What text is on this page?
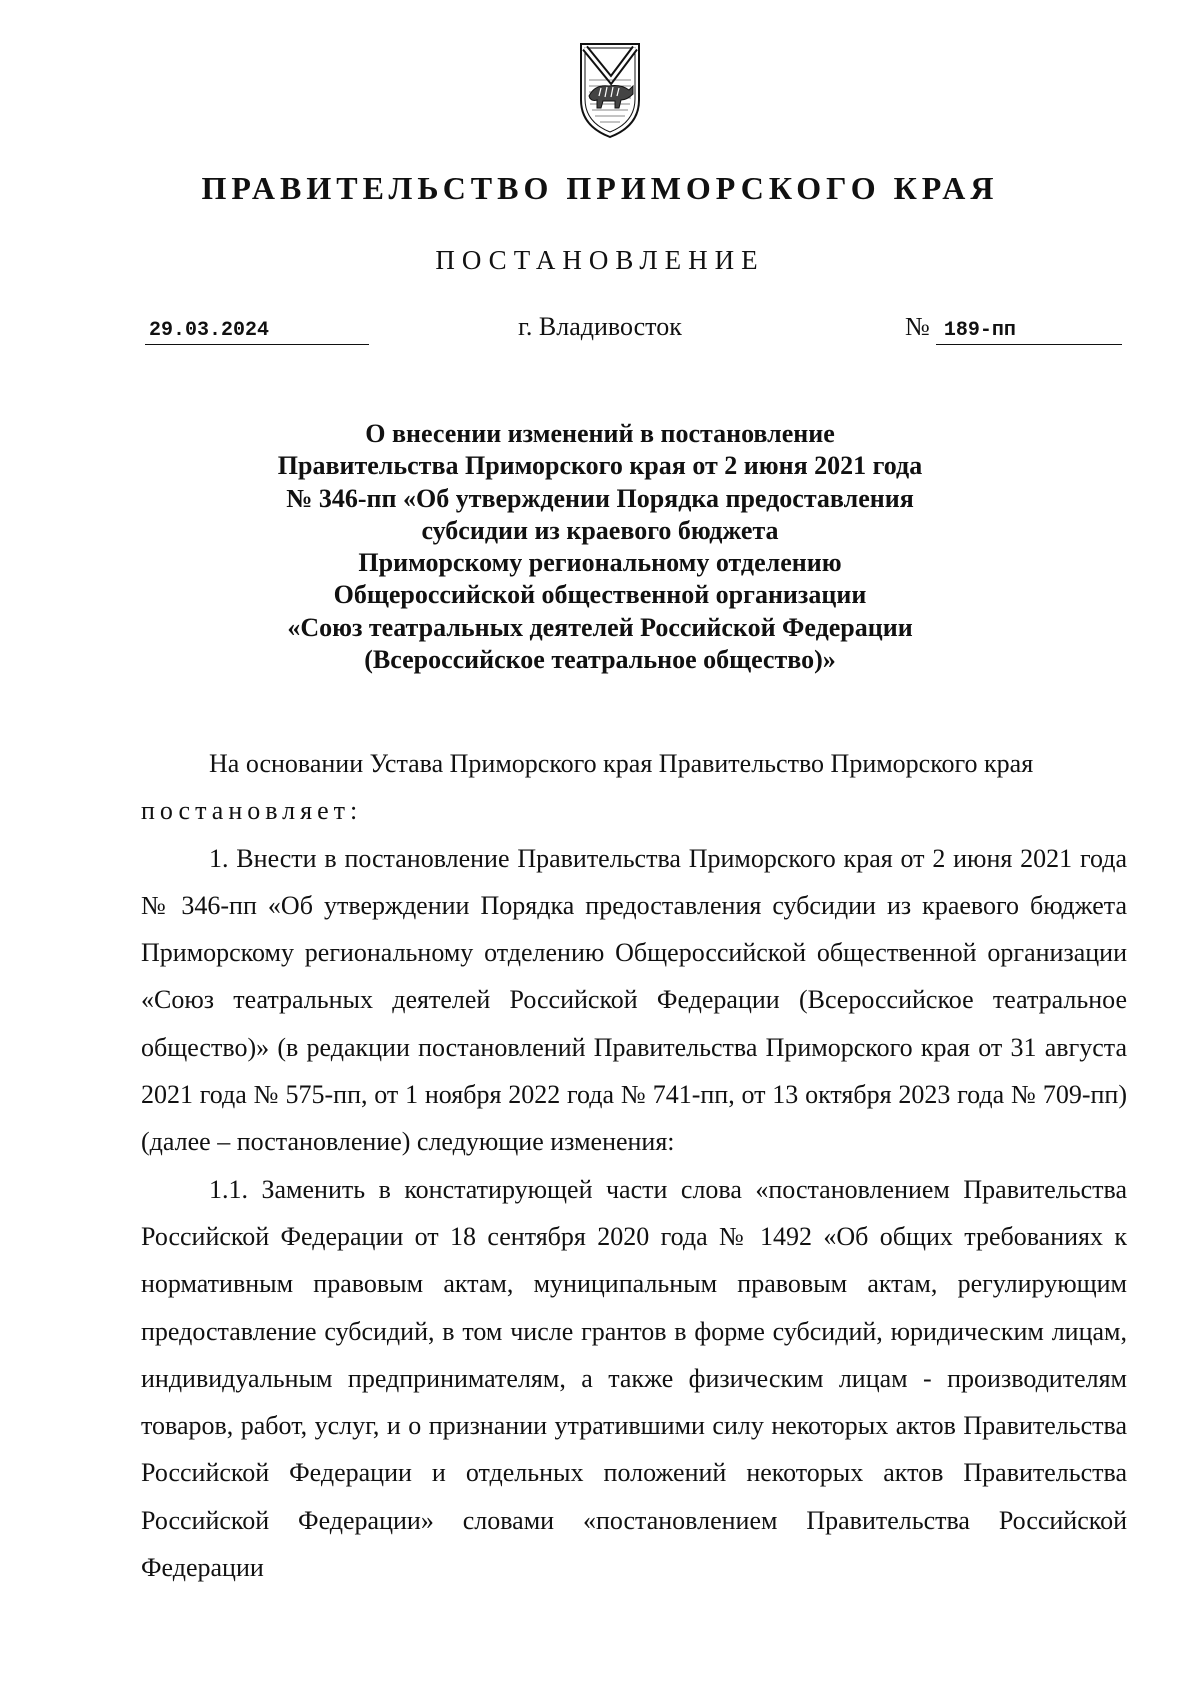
ПРАВИТЕЛЬСТВО ПРИМОРСКОГО КРАЯ
ПОСТАНОВЛЕНИЕ
29.03.2024	г. Владивосток	№ 189-пп
О внесении изменений в постановление
Правительства Приморского края от 2 июня 2021 года
№ 346-пп «Об утверждении Порядка предоставления
субсидии из краевого бюджета
Приморскому региональному отделению
Общероссийской общественной организации
«Союз театральных деятелей Российской Федерации
(Всероссийское театральное общество)»

На основании Устава Приморского края Правительство Приморского края

постановляет:

1. Внести в постановление Правительства Приморского края от 2 июня 2021 года № 346-пп «Об утверждении Порядка предоставления субсидии из краевого бюджета Приморскому региональному отделению Общероссийской общественной организации «Союз театральных деятелей Российской Федерации (Всероссийское театральное общество)» (в редакции постановлений Правительства Приморского края от 31 августа 2021 года № 575-пп, от 1 ноября 2022 года № 741-пп, от 13 октября 2023 года № 709-пп) (далее – постановление) следующие изменения:

1.1. Заменить в констатирующей части слова «постановлением Правительства Российской Федерации от 18 сентября 2020 года № 1492 «Об общих требованиях к нормативным правовым актам, муниципальным правовым актам, регулирующим предоставление субсидий, в том числе грантов в форме субсидий, юридическим лицам, индивидуальным предпринимателям, а также физическим лицам - производителям товаров, работ, услуг, и о признании утратившими силу некоторых актов Правительства Российской Федерации и отдельных положений некоторых актов Правительства Российской Федерации» словами «постановлением Правительства Российской Федерации
